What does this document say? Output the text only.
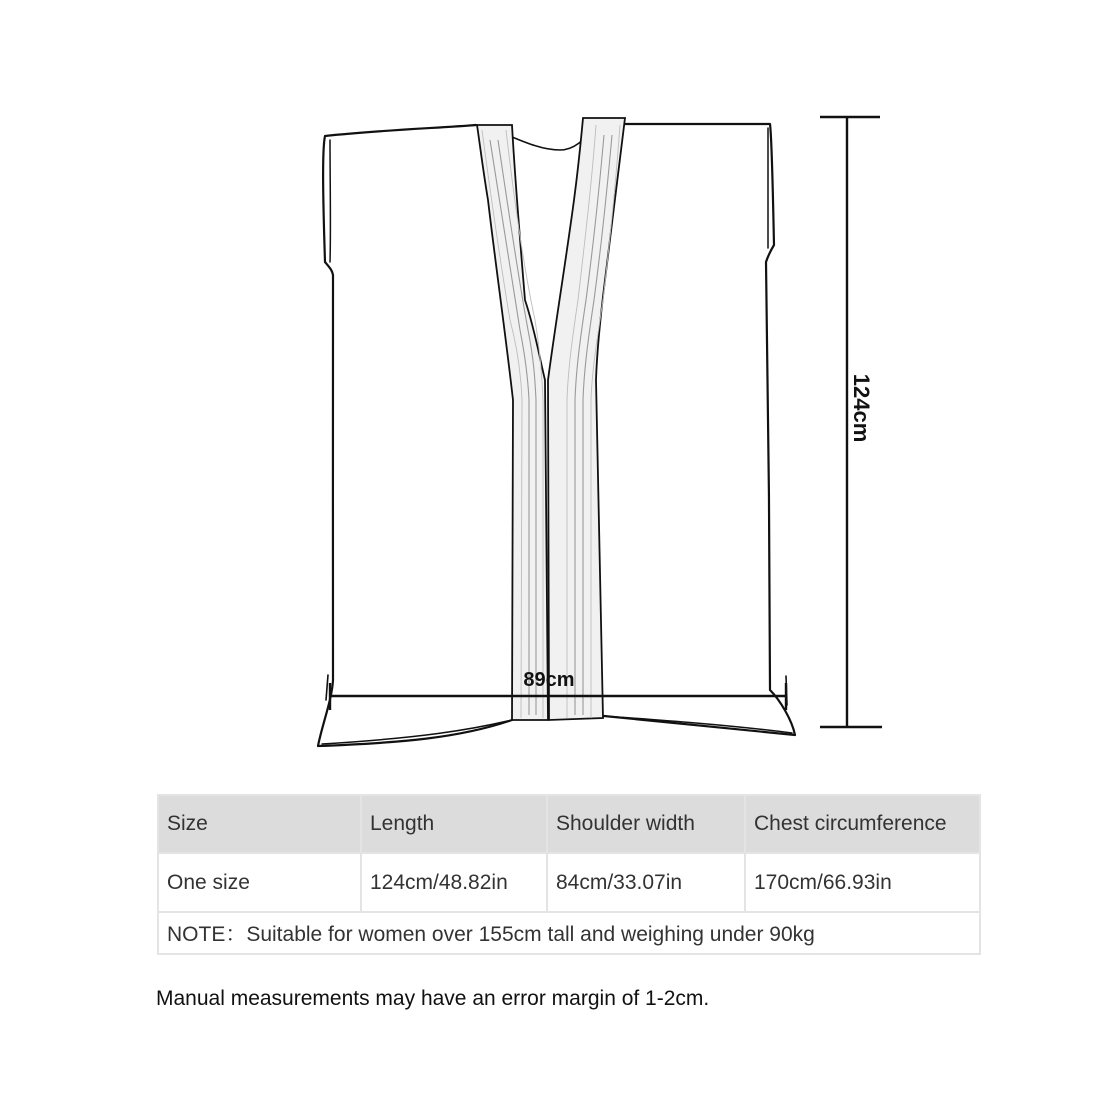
124cm
89cm
Size	Length	Shoulder width	Chest circumference
One size	124cm/48.82in	84cm/33.07in	170cm/66.93in
NOTE：Suitable for women over 155cm tall and weighing under 90kg			
Manual measurements may have an error margin of 1-2cm.
